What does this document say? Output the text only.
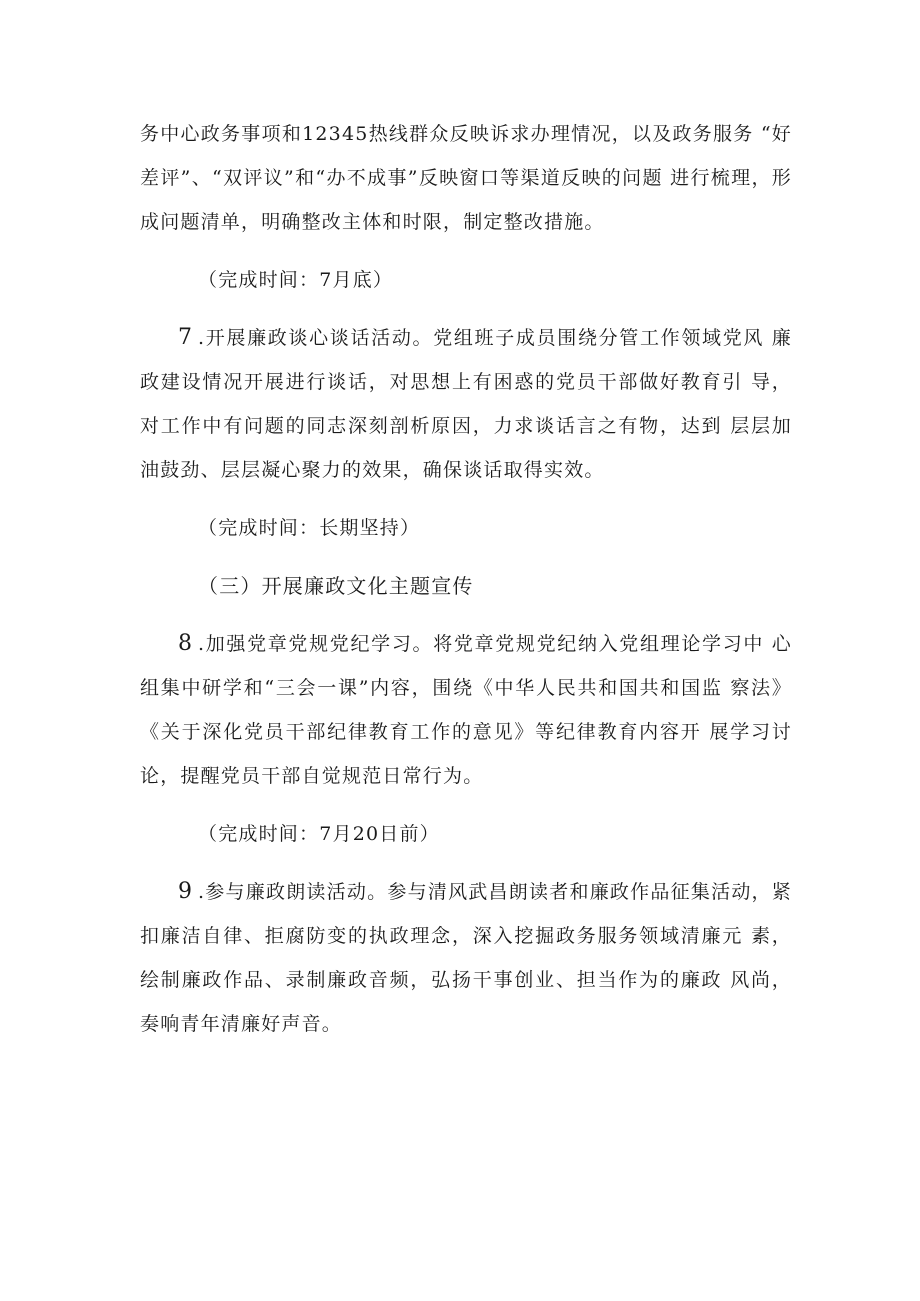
务中心政务事项和12345热线群众反映诉求办理情况，以及政务服务 “好差评”、“双评议”和“办不成事”反映窗口等渠道反映的问题 进行梳理，形成问题清单，明确整改主体和时限，制定整改措施。

（完成时间：7月底）

7.开展廉政谈心谈话活动。党组班子成员围绕分管工作领域党风 廉政建设情况开展进行谈话，对思想上有困惑的党员干部做好教育引 导，对工作中有问题的同志深刻剖析原因，力求谈话言之有物，达到 层层加油鼓劲、层层凝心聚力的效果，确保谈话取得实效。

（完成时间：长期坚持）

（三）开展廉政文化主题宣传

8.加强党章党规党纪学习。将党章党规党纪纳入党组理论学习中 心组集中研学和“三会一课”内容，围绕《中华人民共和国共和国监 察法》《关于深化党员干部纪律教育工作的意见》等纪律教育内容开 展学习讨论，提醒党员干部自觉规范日常行为。

（完成时间：7月20日前）

9.参与廉政朗读活动。参与清风武昌朗读者和廉政作品征集活动，紧扣廉洁自律、拒腐防变的执政理念，深入挖掘政务服务领域清廉元 素，绘制廉政作品、录制廉政音频，弘扬干事创业、担当作为的廉政 风尚，奏响青年清廉好声音。
